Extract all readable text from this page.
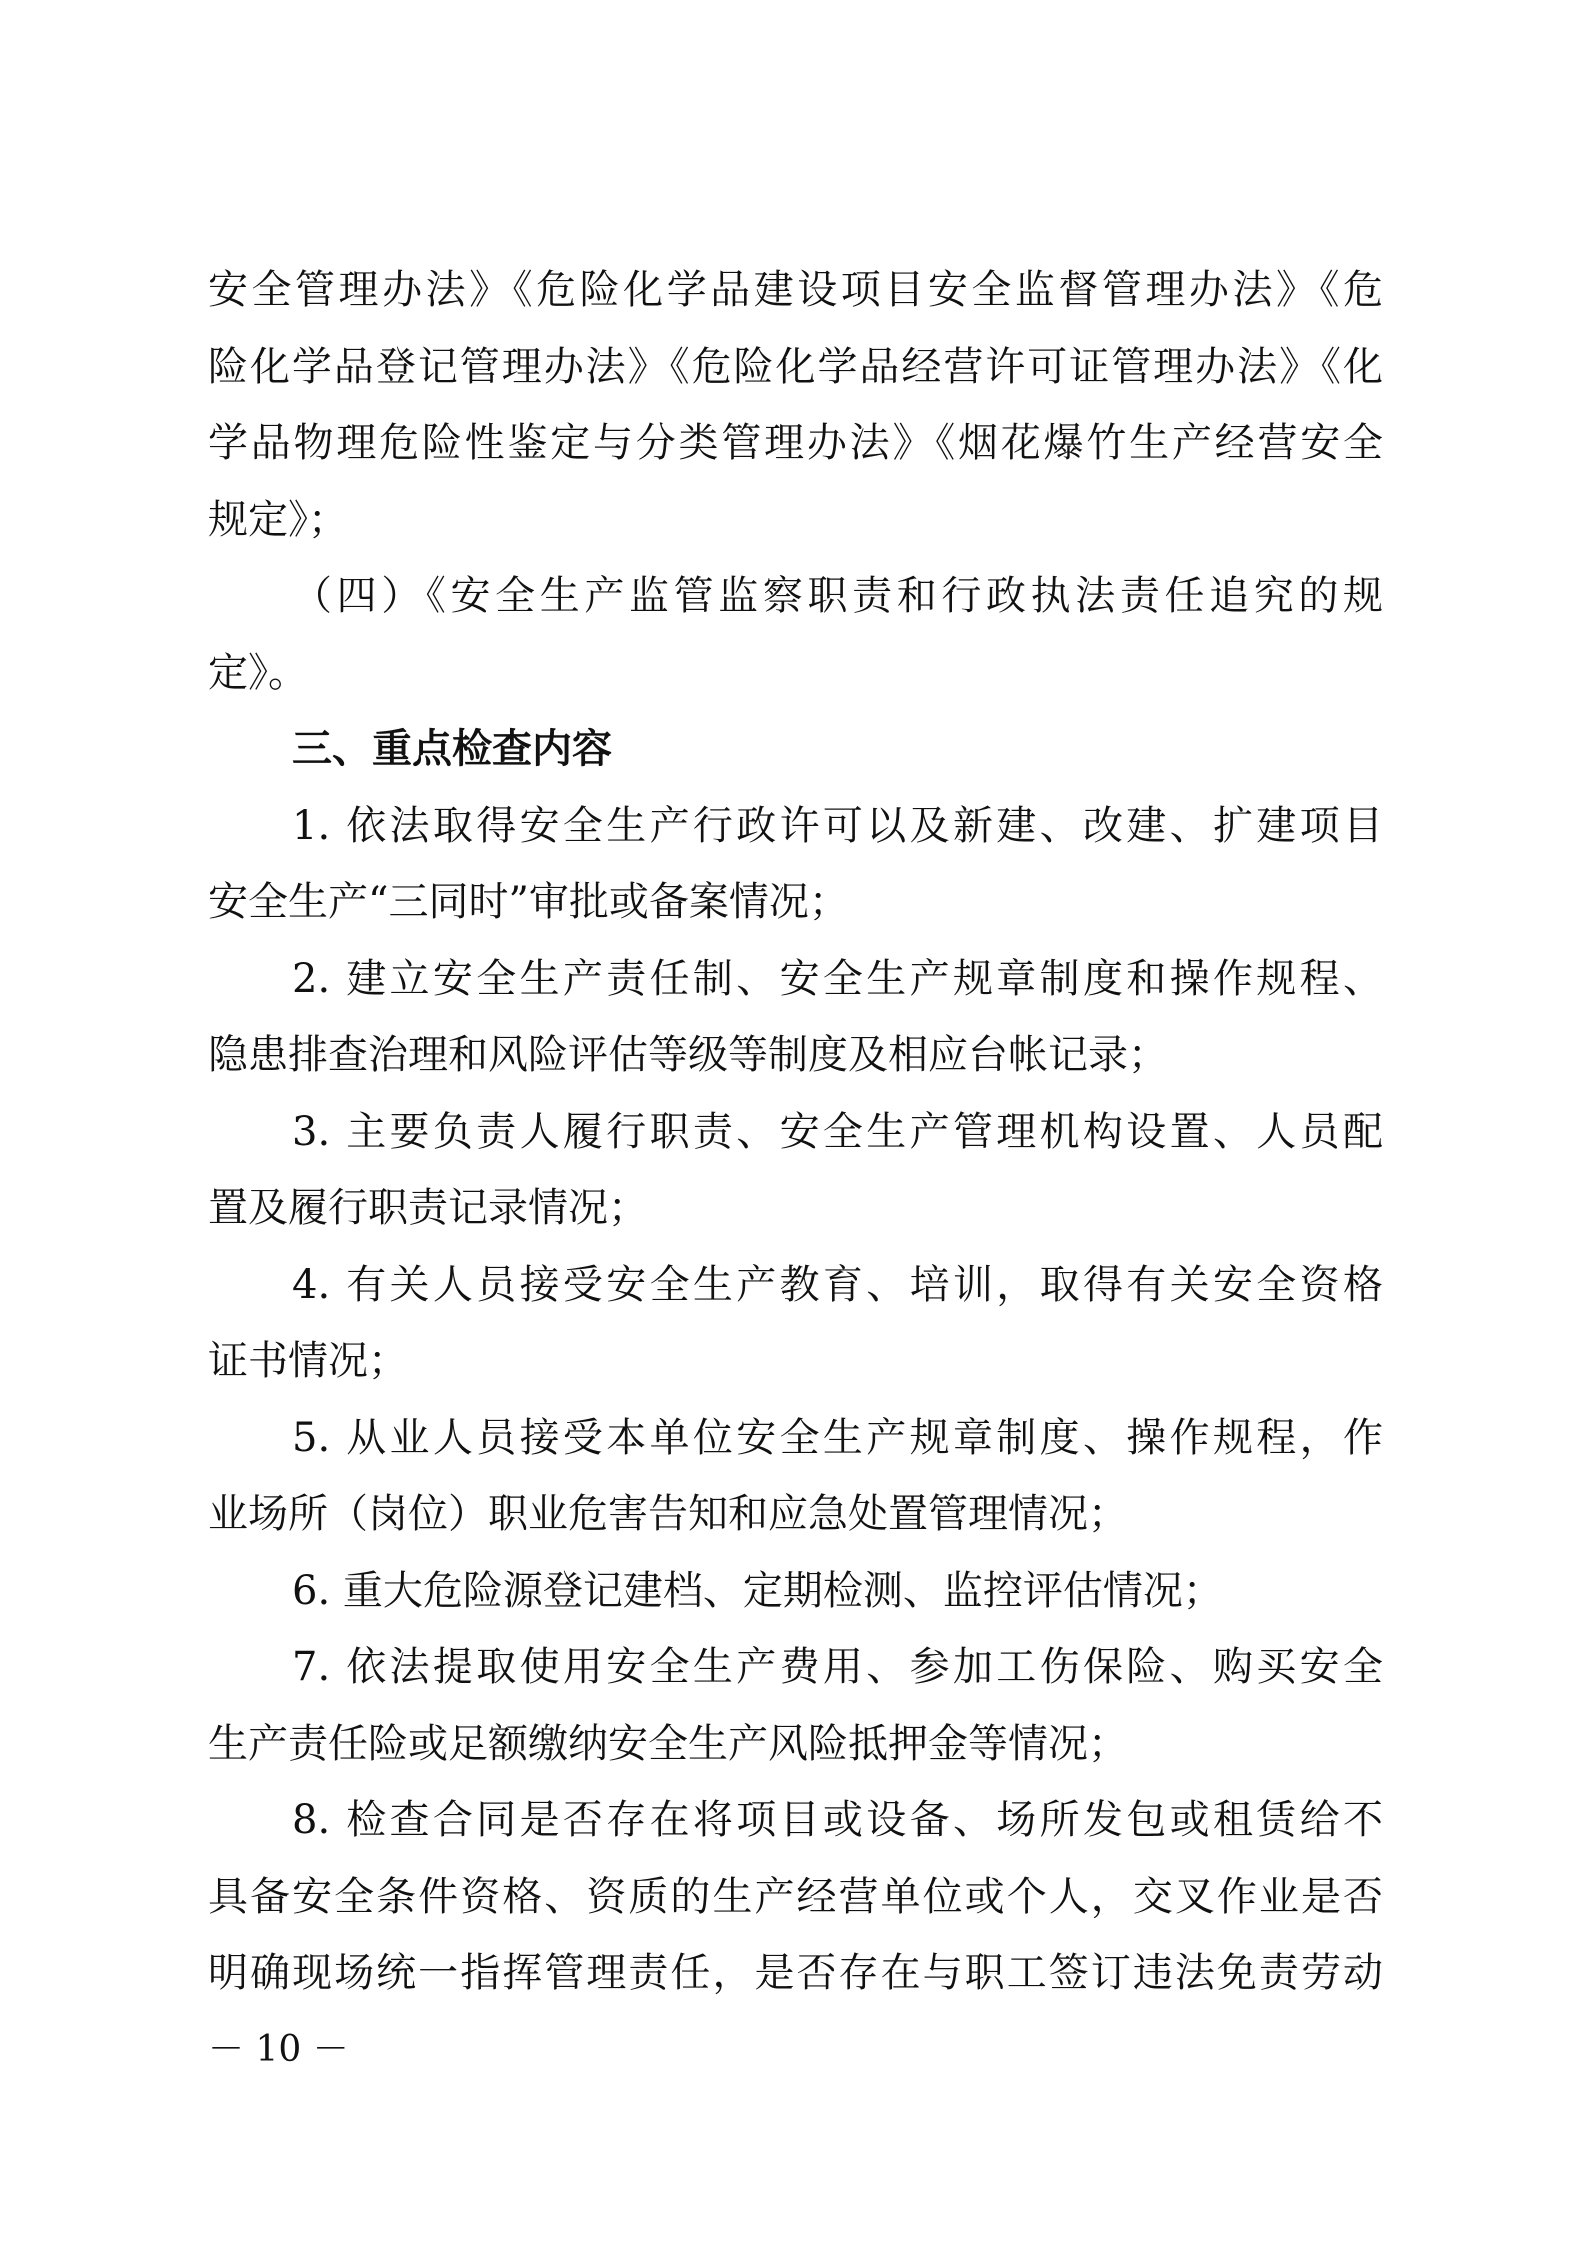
安全管理办法》《危险化学品建设项目安全监督管理办法》《危
险化学品登记管理办法》《危险化学品经营许可证管理办法》《化
学品物理危险性鉴定与分类管理办法》《烟花爆竹生产经营安全
规定》；
（四）《安全生产监管监察职责和行政执法责任追究的规
定》。
三、重点检查内容
1. 依法取得安全生产行政许可以及新建、改建、扩建项目
安全生产“三同时”审批或备案情况；
2. 建立安全生产责任制、安全生产规章制度和操作规程、
隐患排查治理和风险评估等级等制度及相应台帐记录；
3. 主要负责人履行职责、安全生产管理机构设置、人员配
置及履行职责记录情况；
4. 有关人员接受安全生产教育、培训，取得有关安全资格
证书情况；
5. 从业人员接受本单位安全生产规章制度、操作规程，作
业场所（岗位）职业危害告知和应急处置管理情况；
6. 重大危险源登记建档、定期检测、监控评估情况；
7. 依法提取使用安全生产费用、参加工伤保险、购买安全
生产责任险或足额缴纳安全生产风险抵押金等情况；
8. 检查合同是否存在将项目或设备、场所发包或租赁给不
具备安全条件资格、资质的生产经营单位或个人，交叉作业是否
明确现场统一指挥管理责任，是否存在与职工签订违法免责劳动
－ 10 －
